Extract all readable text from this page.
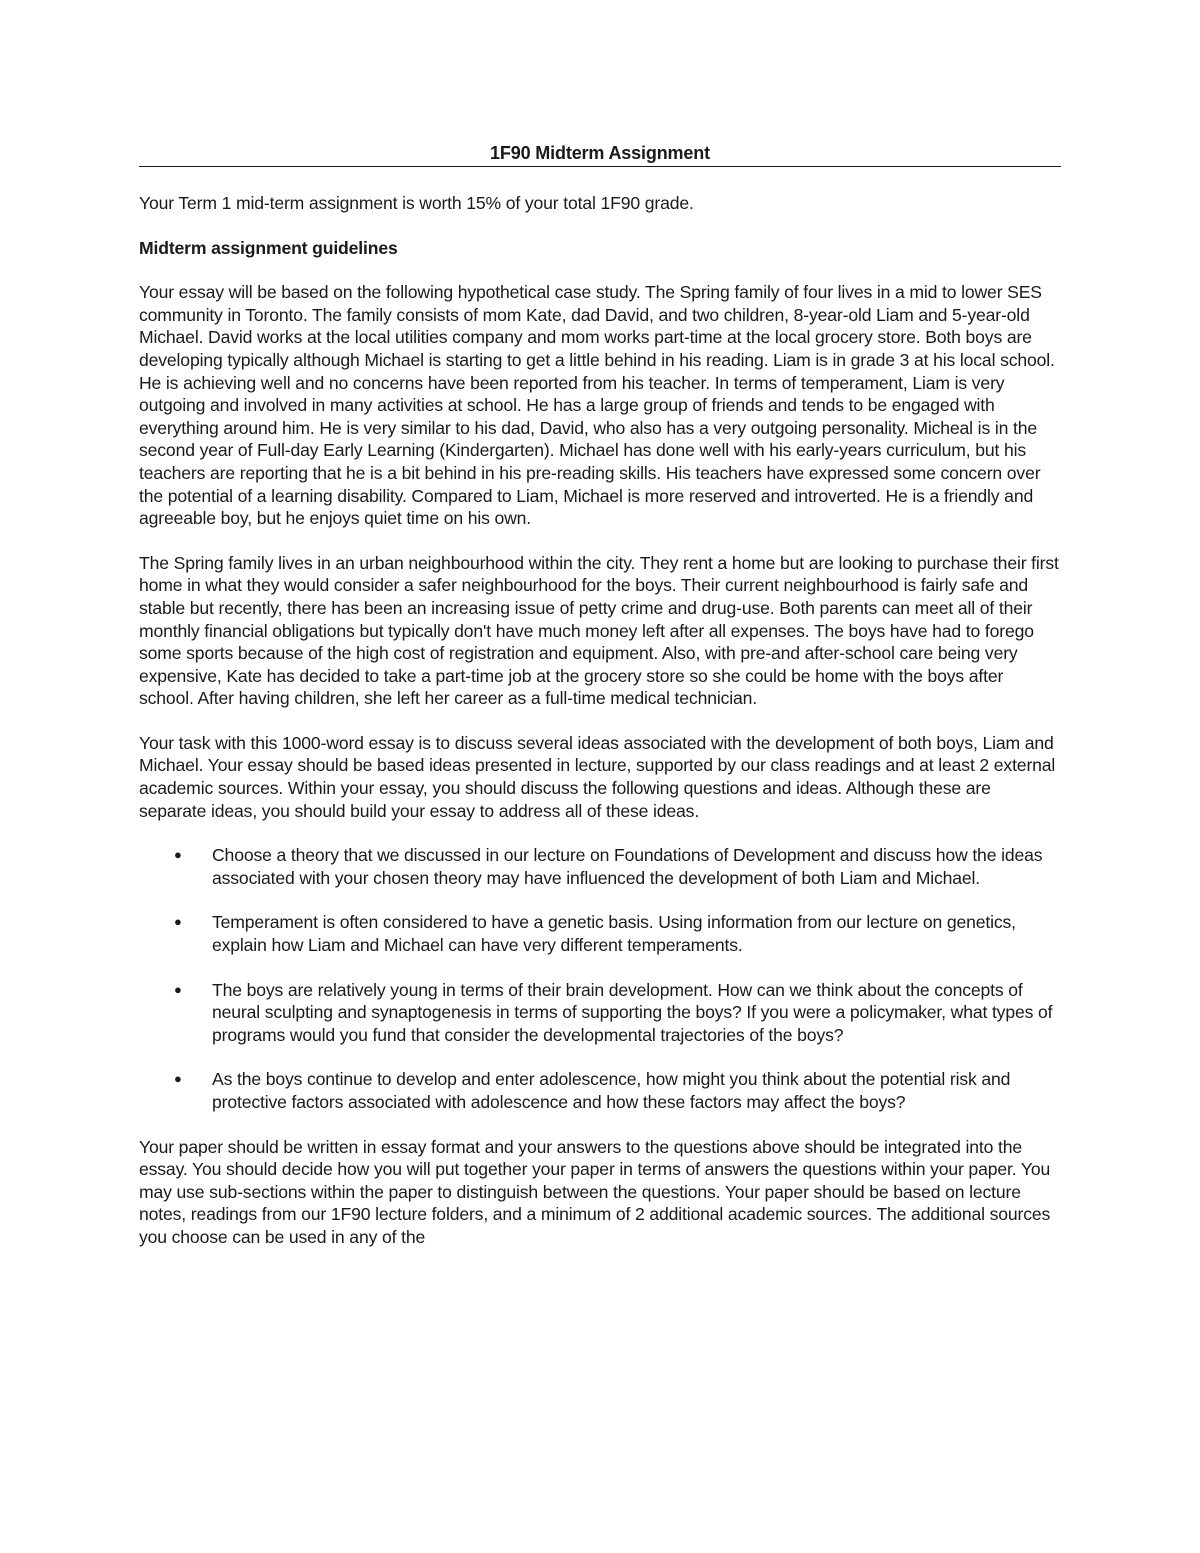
1F90 Midterm Assignment

Your Term 1 mid-term assignment is worth 15% of your total 1F90 grade.

Midterm assignment guidelines

Your essay will be based on the following hypothetical case study. The Spring family of four lives in a mid to lower SES community in Toronto. The family consists of mom Kate, dad David, and two children, 8-year-old Liam and 5-year-old Michael. David works at the local utilities company and mom works part-time at the local grocery store. Both boys are developing typically although Michael is starting to get a little behind in his reading. Liam is in grade 3 at his local school. He is achieving well and no concerns have been reported from his teacher. In terms of temperament, Liam is very outgoing and involved in many activities at school. He has a large group of friends and tends to be engaged with everything around him. He is very similar to his dad, David, who also has a very outgoing personality. Micheal is in the second year of Full-day Early Learning (Kindergarten). Michael has done well with his early-years curriculum, but his teachers are reporting that he is a bit behind in his pre-reading skills. His teachers have expressed some concern over the potential of a learning disability. Compared to Liam, Michael is more reserved and introverted. He is a friendly and agreeable boy, but he enjoys quiet time on his own.

The Spring family lives in an urban neighbourhood within the city. They rent a home but are looking to purchase their first home in what they would consider a safer neighbourhood for the boys. Their current neighbourhood is fairly safe and stable but recently, there has been an increasing issue of petty crime and drug-use. Both parents can meet all of their monthly financial obligations but typically don't have much money left after all expenses. The boys have had to forego some sports because of the high cost of registration and equipment. Also, with pre-and after-school care being very expensive, Kate has decided to take a part-time job at the grocery store so she could be home with the boys after school. After having children, she left her career as a full-time medical technician.

Your task with this 1000-word essay is to discuss several ideas associated with the development of both boys, Liam and Michael. Your essay should be based ideas presented in lecture, supported by our class readings and at least 2 external academic sources. Within your essay, you should discuss the following questions and ideas. Although these are separate ideas, you should build your essay to address all of these ideas.

● Choose a theory that we discussed in our lecture on Foundations of Development and discuss how the ideas associated with your chosen theory may have influenced the development of both Liam and Michael.
● Temperament is often considered to have a genetic basis. Using information from our lecture on genetics, explain how Liam and Michael can have very different temperaments.
● The boys are relatively young in terms of their brain development. How can we think about the concepts of neural sculpting and synaptogenesis in terms of supporting the boys? If you were a policymaker, what types of programs would you fund that consider the developmental trajectories of the boys?
● As the boys continue to develop and enter adolescence, how might you think about the potential risk and protective factors associated with adolescence and how these factors may affect the boys?

Your paper should be written in essay format and your answers to the questions above should be integrated into the essay. You should decide how you will put together your paper in terms of answers the questions within your paper. You may use sub-sections within the paper to distinguish between the questions. Your paper should be based on lecture notes, readings from our 1F90 lecture folders, and a minimum of 2 additional academic sources. The additional sources you choose can be used in any of the
